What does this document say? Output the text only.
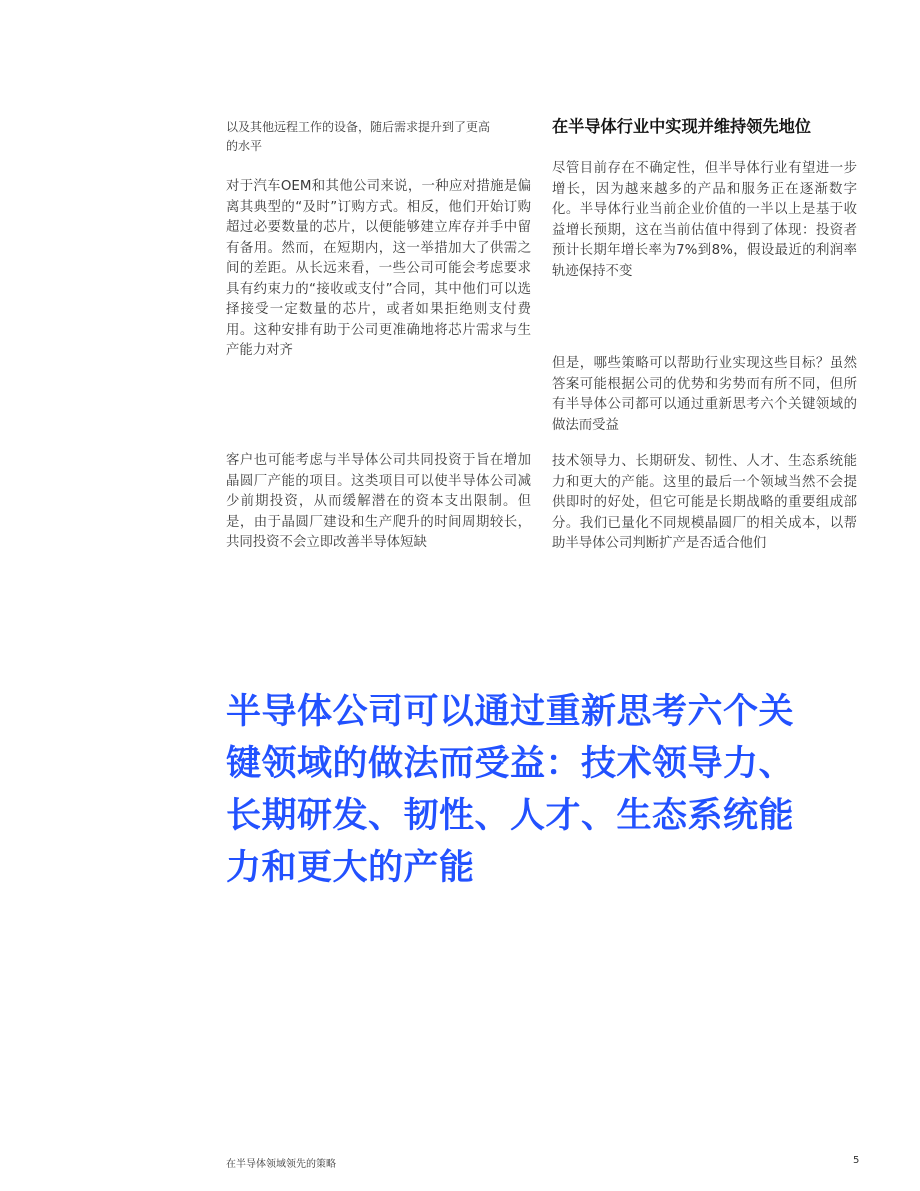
以及其他远程工作的设备，随后需求提升到了更高的水平

对于汽车OEM和其他公司来说，一种应对措施是偏离其典型的“及时”订购方式。相反，他们开始订购超过必要数量的芯片，以便能够建立库存并手中留有备用。然而，在短期内，这一举措加大了供需之间的差距。从长远来看，一些公司可能会考虑要求具有约束力的“接收或支付”合同，其中他们可以选择接受一定数量的芯片，或者如果拒绝则支付费用。这种安排有助于公司更准确地将芯片需求与生产能力对齐

客户也可能考虑与半导体公司共同投资于旨在增加晶圆厂产能的项目。这类项目可以使半导体公司减少前期投资，从而缓解潜在的资本支出限制。但是，由于晶圆厂建设和生产爬升的时间周期较长，共同投资不会立即改善半导体短缺

在半导体行业中实现并维持领先地位

尽管目前存在不确定性，但半导体行业有望进一步增长，因为越来越多的产品和服务正在逐渐数字化。半导体行业当前企业价值的一半以上是基于收益增长预期，这在当前估值中得到了体现：投资者预计长期年增长率为7%到8%，假设最近的利润率轨迹保持不变

但是，哪些策略可以帮助行业实现这些目标？虽然答案可能根据公司的优势和劣势而有所不同，但所有半导体公司都可以通过重新思考六个关键领域的做法而受益

技术领导力、长期研发、韧性、人才、生态系统能力和更大的产能。这里的最后一个领域当然不会提供即时的好处，但它可能是长期战略的重要组成部分。我们已量化不同规模晶圆厂的相关成本，以帮助半导体公司判断扩产是否适合他们

半导体公司可以通过重新思考六个关键领域的做法而受益：技术领导力、长期研发、韧性、人才、生态系统能力和更大的产能

在半导体领域领先的策略	5
